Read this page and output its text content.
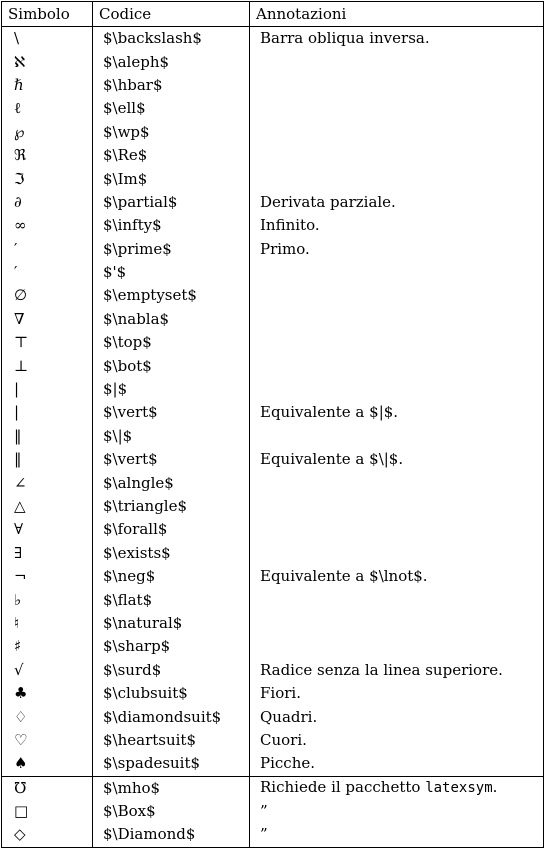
Simbolo	Codice	Annotazioni
\	$\backslash$	Barra obliqua inversa.
ℵ	$\aleph$	
ℏ	$\hbar$	
ℓ	$\ell$	
℘	$\wp$	
ℜ	$\Re$	
ℑ	$\Im$	
∂	$\partial$	Derivata parziale.
∞	$\infty$	Infinito.
′	$\prime$	Primo.
′	$'$	
∅	$\emptyset$	
∇	$\nabla$	
⊤	$\top$	
⊥	$\bot$	
|	$|$	
|	$\vert$	Equivalente a $|$.
‖	$\|$	
‖	$\vert$	Equivalente a $\|$.
∠	$\alngle$	
△	$\triangle$	
∀	$\forall$	
∃	$\exists$	
¬	$\neg$	Equivalente a $\lnot$.
♭	$\flat$	
♮	$\natural$	
♯	$\sharp$	
√	$\surd$	Radice senza la linea superiore.
♣	$\clubsuit$	Fiori.
♢	$\diamondsuit$	Quadri.
♡	$\heartsuit$	Cuori.
♠	$\spadesuit$	Picche.
℧	$\mho$	Richiede il pacchetto latexsym.
□	$\Box$	”
◇	$\Diamond$	”
